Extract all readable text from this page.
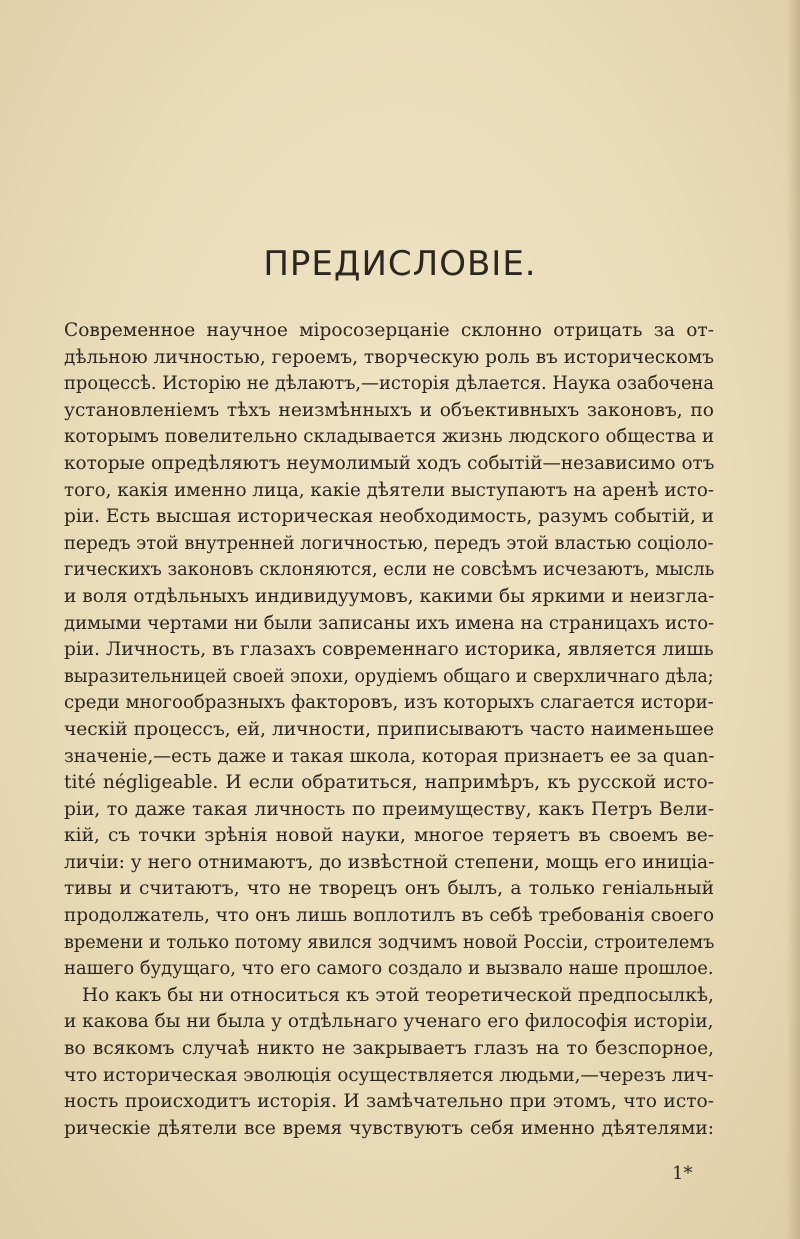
ПРЕДИСЛОВІЕ.
Современное научное міросозерцаніе склонно отрицать за от-
дѣльною личностью, героемъ, творческую роль въ историческомъ
процессѣ. Исторію не дѣлаютъ,—исторія дѣлается. Наука озабочена
установленіемъ тѣхъ неизмѣнныхъ и объективныхъ законовъ, по
которымъ повелительно складывается жизнь людского общества и
которые опредѣляютъ неумолимый ходъ событій—независимо отъ
того, какія именно лица, какіе дѣятели выступаютъ на аренѣ исто-
ріи. Есть высшая историческая необходимость, разумъ событій, и
передъ этой внутренней логичностью, передъ этой властью соціоло-
гическихъ законовъ склоняются, если не совсѣмъ исчезаютъ, мысль
и воля отдѣльныхъ индивидуумовъ, какими бы яркими и неизгла-
димыми чертами ни были записаны ихъ имена на страницахъ исто-
ріи. Личность, въ глазахъ современнаго историка, является лишь
выразительницей своей эпохи, орудіемъ общаго и сверхличнаго дѣла;
среди многообразныхъ факторовъ, изъ которыхъ слагается истори-
ческій процессъ, ей, личности, приписываютъ часто наименьшее
значеніе,—есть даже и такая школа, которая признаетъ ее за quan-
tité négligeable. И если обратиться, напримѣръ, къ русской исто-
ріи, то даже такая личность по преимуществу, какъ Петръ Вели-
кій, съ точки зрѣнія новой науки, многое теряетъ въ своемъ ве-
личіи: у него отнимаютъ, до извѣстной степени, мощь его иниціа-
тивы и считаютъ, что не творецъ онъ былъ, а только геніальный
продолжатель, что онъ лишь воплотилъ въ себѣ требованія своего
времени и только потому явился зодчимъ новой Россіи, строителемъ
нашего будущаго, что его самого создало и вызвало наше прошлое.
Но какъ бы ни относиться къ этой теоретической предпосылкѣ,
и какова бы ни была у отдѣльнаго ученаго его философія исторіи,
во всякомъ случаѣ никто не закрываетъ глазъ на то безспорное,
что историческая эволюція осуществляется людьми,—черезъ лич-
ность происходитъ исторія. И замѣчательно при этомъ, что исто-
рическіе дѣятели все время чувствуютъ себя именно дѣятелями:
1*
